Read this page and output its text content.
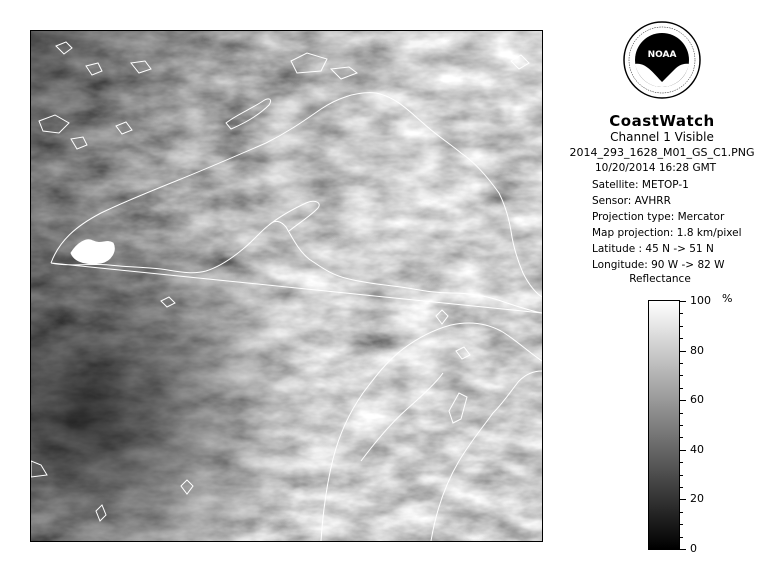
NOAA
CoastWatch
Channel 1 Visible
2014_293_1628_M01_GS_C1.PNG
10/20/2014 16:28 GMT
Satellite: METOP-1
Sensor: AVHRR
Projection type: Mercator
Map projection: 1.8 km/pixel
Latitude : 45 N -> 51 N
Longitude: 90 W -> 82 W
Reflectance
%
100
80
60
40
20
0
